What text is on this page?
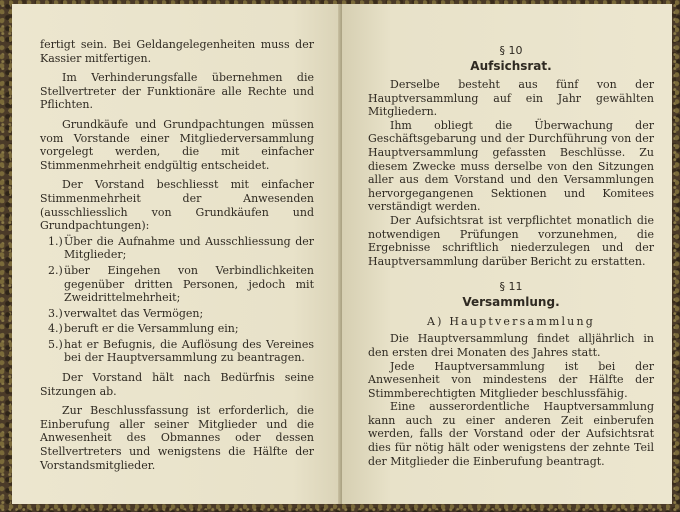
fertigt sein. Bei Geldangelegenheiten muss der Kassier mitfertigen.

Im Verhinderungsfalle übernehmen die Stellvertreter der Funktionäre alle Rechte und Pflichten.

Grundkäufe und Grundpachtungen müssen vom Vorstande einer Mitgliederversammlung vorgelegt werden, die mit einfacher Stimmenmehrheit endgültig entscheidet.

Der Vorstand beschliesst mit einfacher Stimmenmehrheit der Anwesenden (ausschliesslich von Grundkäufen und Grundpachtungen):

1.) Über die Aufnahme und Ausschliessung der Mitglieder;
2.) über Eingehen von Verbindlichkeiten gegenüber dritten Personen, jedoch mit Zweidrittelmehrheit;
3.) verwaltet das Vermögen;
4.) beruft er die Versammlung ein;
5.) hat er Befugnis, die Auflösung des Vereines bei der Hauptversammlung zu beantragen.

Der Vorstand hält nach Bedürfnis seine Sitzungen ab.

Zur Beschlussfassung ist erforderlich, die Einberufung aller seiner Mitglieder und die Anwesenheit des Obmannes oder dessen Stellvertreters und wenigstens die Hälfte der Vorstandsmitglieder.

§ 10
Aufsichsrat.

Derselbe besteht aus fünf von der Hauptversammlung auf ein Jahr gewählten Mitgliedern.

Ihm obliegt die Überwachung der Geschäftsgebarung und der Durchführung von der Hauptversammlung gefassten Beschlüsse. Zu diesem Zwecke muss derselbe von den Sitzungen aller aus dem Vorstand und den Versammlungen hervorgegangenen Sektionen und Komitees verständigt werden.

Der Aufsichtsrat ist verpflichtet monatlich die notwendigen Prüfungen vorzunehmen, die Ergebnisse schriftlich niederzulegen und der Hauptversammlung darüber Bericht zu erstatten.

§ 11
Versammlung.
A) Hauptversammlung

Die Hauptversammlung findet alljährlich in den ersten drei Monaten des Jahres statt.

Jede Hauptversammlung ist bei der Anwesenheit von mindestens der Hälfte der Stimmberechtigten Mitglieder beschlussfähig.

Eine ausserordentliche Hauptversammlung kann auch zu einer anderen Zeit einberufen werden, falls der Vorstand oder der Aufsichtsrat dies für nötig hält oder wenigstens der zehnte Teil der Mitglieder die Einberufung beantragt.
